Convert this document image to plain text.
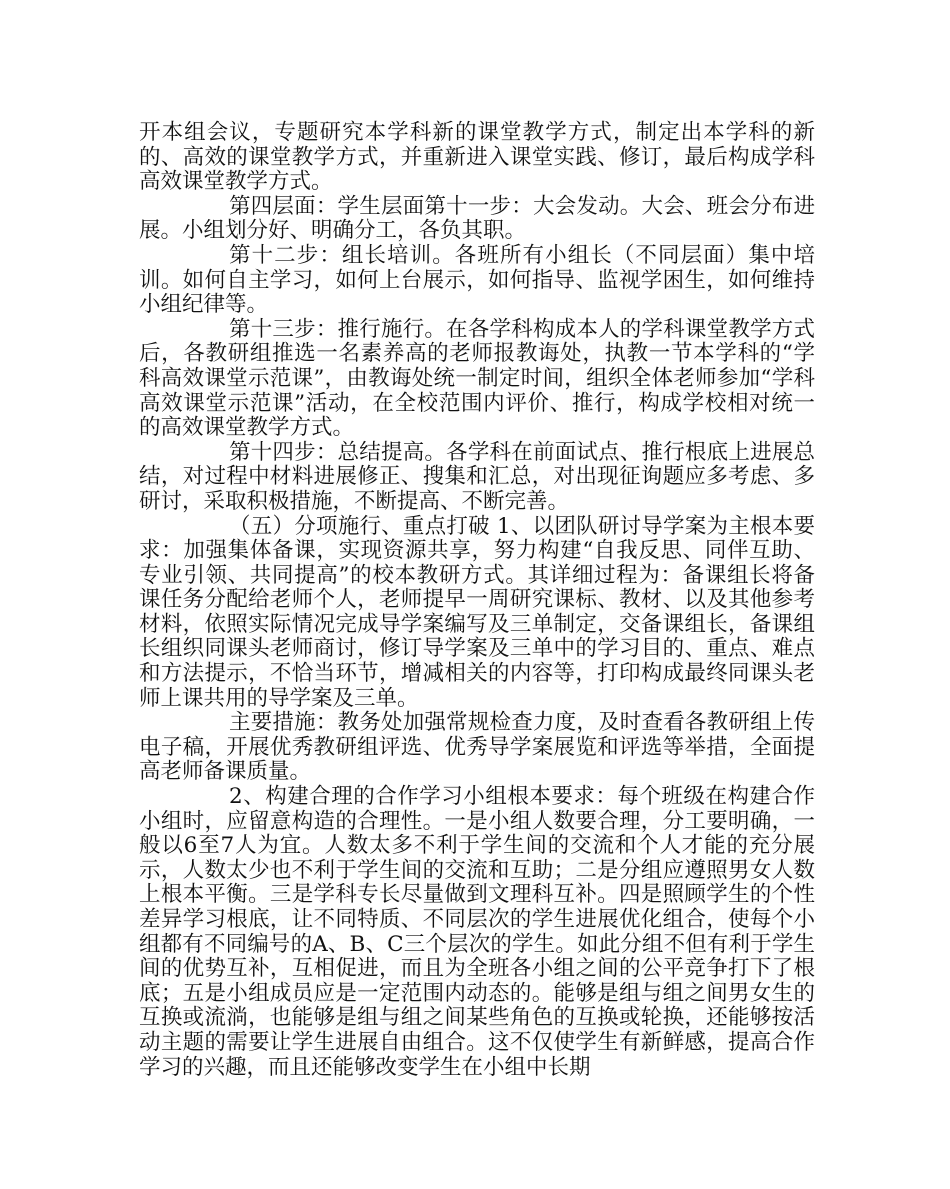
开本组会议，专题研究本学科新的课堂教学方式，制定出本学科的新的、高效的课堂教学方式，并重新进入课堂实践、修订，最后构成学科高效课堂教学方式。

第四层面：学生层面第十一步：大会发动。大会、班会分布进展。小组划分好、明确分工，各负其职。

第十二步：组长培训。各班所有小组长（不同层面）集中培训。如何自主学习，如何上台展示，如何指导、监视学困生，如何维持小组纪律等。

第十三步：推行施行。在各学科构成本人的学科课堂教学方式后，各教研组推选一名素养高的老师报教诲处，执教一节本学科的“学科高效课堂示范课”，由教诲处统一制定时间，组织全体老师参加“学科高效课堂示范课”活动，在全校范围内评价、推行，构成学校相对统一的高效课堂教学方式。

第十四步：总结提高。各学科在前面试点、推行根底上进展总结，对过程中材料进展修正、搜集和汇总，对出现征询题应多考虑、多研讨，采取积极措施，不断提高、不断完善。

（五）分项施行、重点打破 1、以团队研讨导学案为主根本要求：加强集体备课，实现资源共享，努力构建“自我反思、同伴互助、专业引领、共同提高”的校本教研方式。其详细过程为：备课组长将备课任务分配给老师个人，老师提早一周研究课标、教材、以及其他参考材料，依照实际情况完成导学案编写及三单制定，交备课组长，备课组长组织同课头老师商讨，修订导学案及三单中的学习目的、重点、难点和方法提示，不恰当环节，增减相关的内容等，打印构成最终同课头老师上课共用的导学案及三单。

主要措施：教务处加强常规检查力度，及时查看各教研组上传电子稿，开展优秀教研组评选、优秀导学案展览和评选等举措，全面提高老师备课质量。

2、构建合理的合作学习小组根本要求：每个班级在构建合作小组时，应留意构造的合理性。一是小组人数要合理，分工要明确，一般以6至7人为宜。人数太多不利于学生间的交流和个人才能的充分展示，人数太少也不利于学生间的交流和互助；二是分组应遵照男女人数上根本平衡。三是学科专长尽量做到文理科互补。四是照顾学生的个性差异学习根底，让不同特质、不同层次的学生进展优化组合，使每个小组都有不同编号的A、B、C三个层次的学生。如此分组不但有利于学生间的优势互补，互相促进，而且为全班各小组之间的公平竞争打下了根底；五是小组成员应是一定范围内动态的。能够是组与组之间男女生的互换或流淌，也能够是组与组之间某些角色的互换或轮换，还能够按活动主题的需要让学生进展自由组合。这不仅使学生有新鲜感，提高合作学习的兴趣，而且还能够改变学生在小组中长期
